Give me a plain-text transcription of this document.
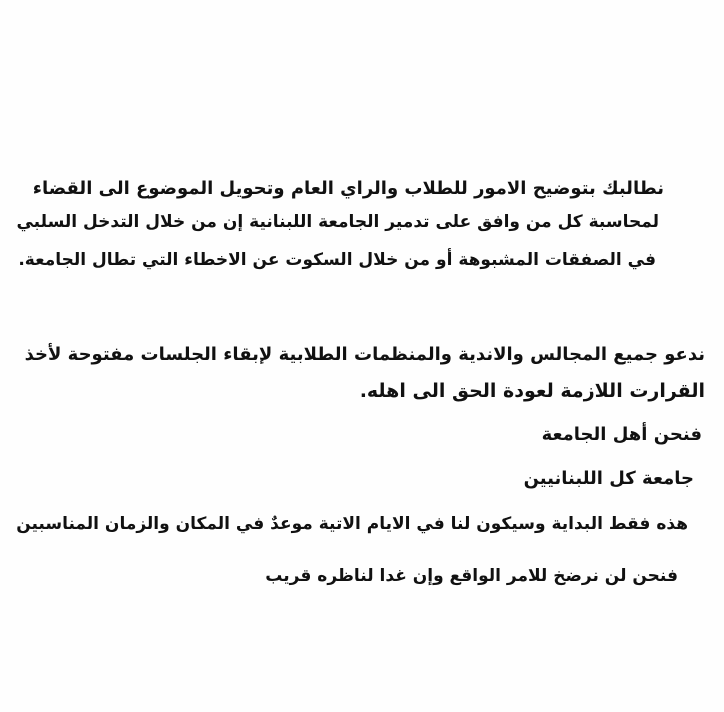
نطالبك بتوضيح الامور للطلاب والراي العام وتحويل الموضوع الى القضاء
لمحاسبة كل من وافق على تدمير الجامعة اللبنانية إن من خلال التدخل السلبي
في الصفقات المشبوهة أو من خلال السكوت عن الاخطاء التي تطال الجامعة.
ندعو جميع المجالس والاندية والمنظمات الطلابية لإبقاء الجلسات مفتوحة لأخذ
القرارت اللازمة لعودة الحق الى اهله.
فنحن أهل الجامعة
جامعة كل اللبنانيين
هذه فقط البداية وسيكون لنا في الايام الاتية موعدٌ في المكان والزمان المناسبين
فنحن لن نرضخ للامر الواقع وإن غدا لناظره قريب
